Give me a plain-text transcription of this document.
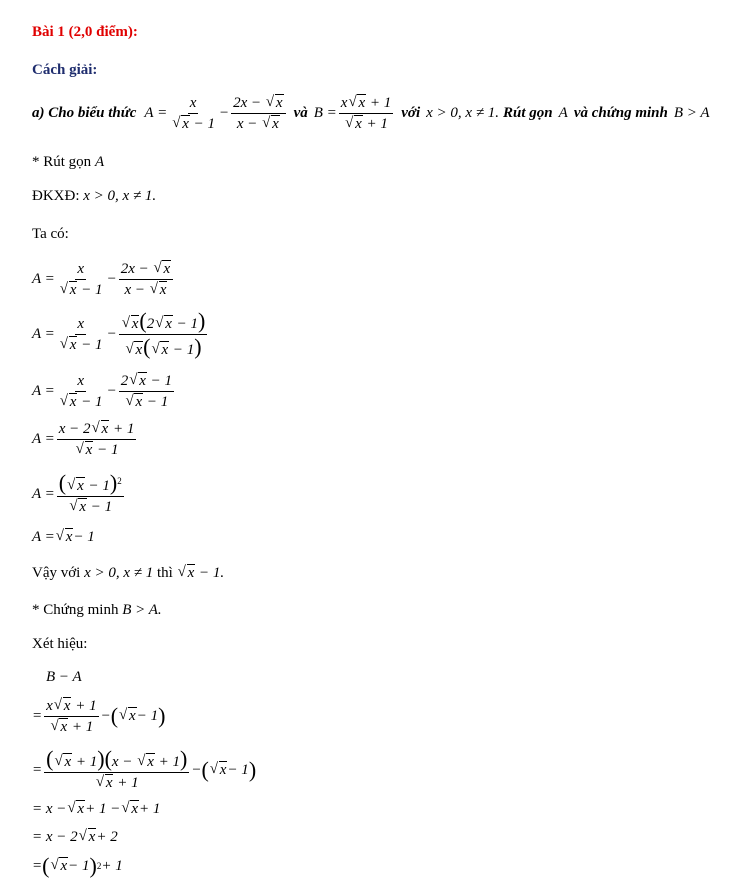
Bài 1 (2,0 điểm):
Cách giải:
a) Cho biểu thức A = x
√ $x - 1 - \frac{2x - √ x}{x - √ x}$ và B = x √ x + 1
√ x + 1 với x > 0, x ≠ 1. Rút gọn A và chứng minh B > A
* Rút gọn A
ĐKXĐ: x > 0, x ≠ 1.
Ta có:
A = x
√ $x - 1 - \frac{2x - √ x}{x - √ x}$
A = x
√ x − 1 − √ x(2 √ x − 1)
√ x( √ x − 1)
A = x
√ x − 1 − 2 √ x − 1
√ x − 1
A = x − 2 √ x + 1
√ x − 1
A = ( √ x − 1)$^2$
√ x − 1
A = √ x − 1
Vậy với
x > 0, x ≠ 1
thì
√ x − 1.
* Chứng minh B > A.
Xét hiệu:
B − A
= x √ x + 1
√ x + 1 − ( √ x − 1 )
= ( √ x + 1)(x − √ x + 1)
√ x + 1 − ( √ x − 1 )
= x − √ x + 1 − √ x + 1
= x − 2 √ x + 2
= ( √ x − 1 ) 2 + 1
